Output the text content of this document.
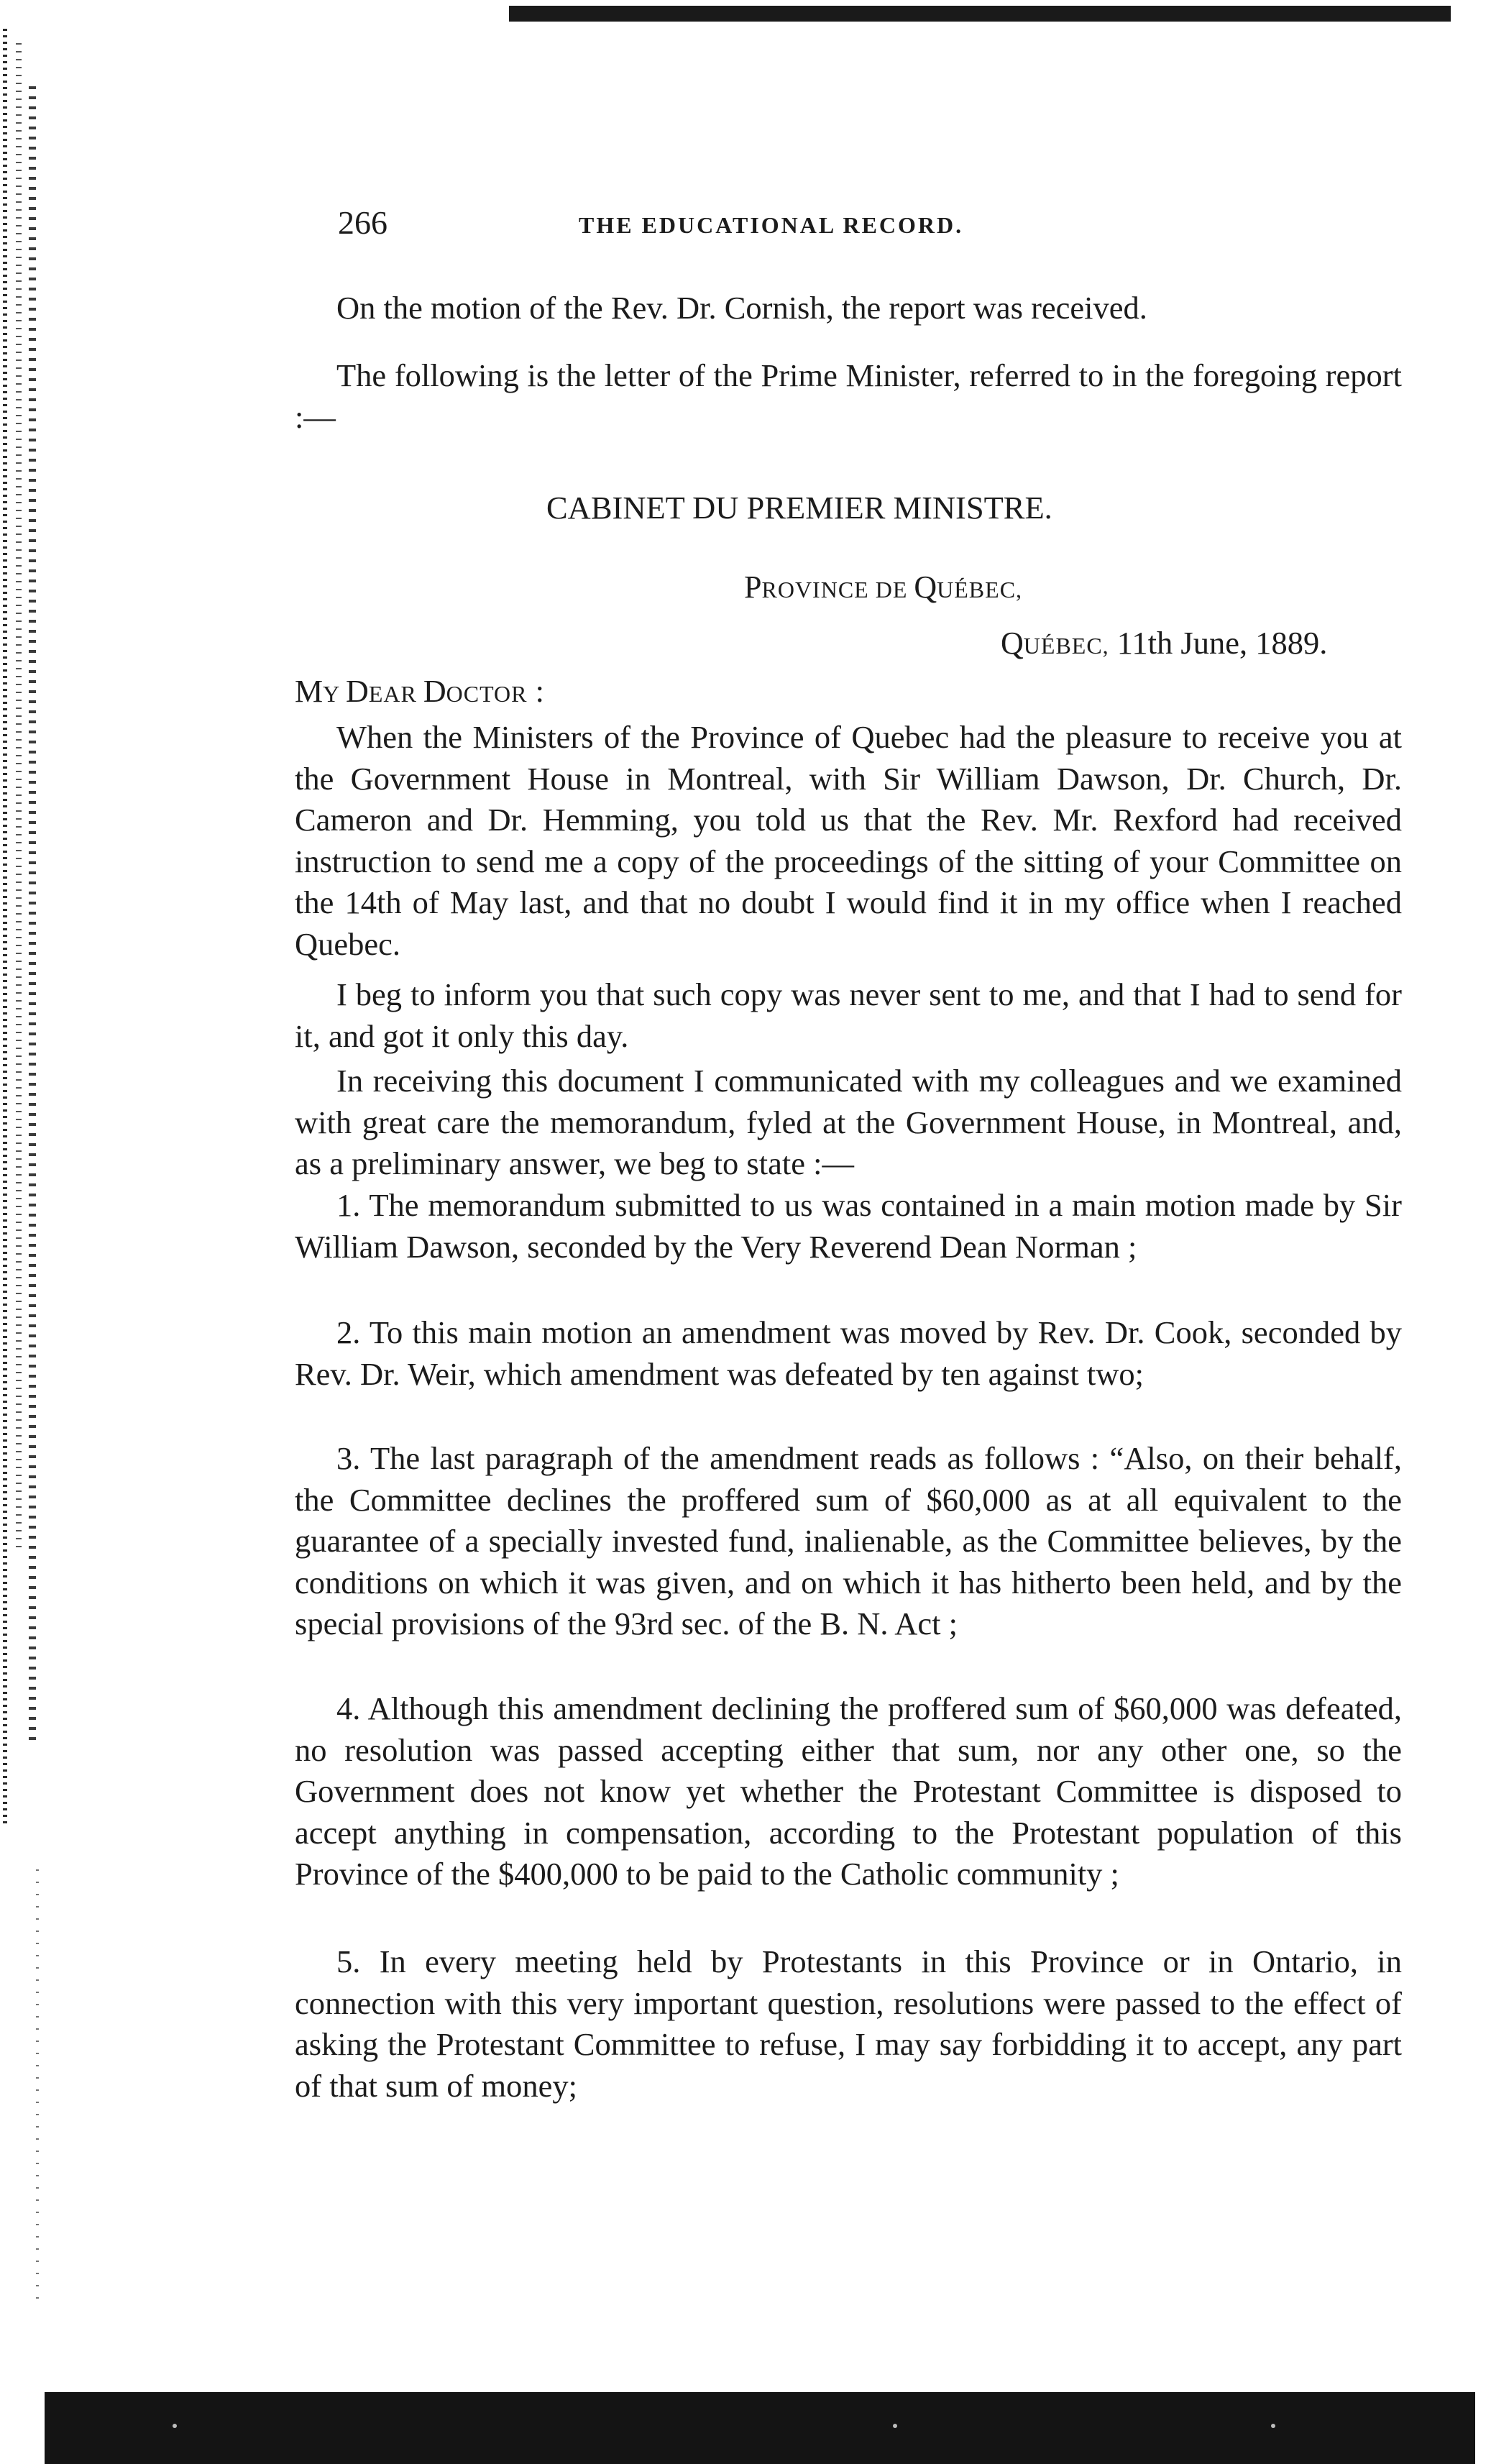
266	THE EDUCATIONAL RECORD.
On the motion of the Rev. Dr. Cornish, the report was received.
The following is the letter of the Prime Minister, referred to in the foregoing report :—
CABINET DU PREMIER MINISTRE.
PROVINCE DE QUÉBEC,
QUÉBEC, 11th June, 1889.
MY DEAR DOCTOR :
When the Ministers of the Province of Quebec had the pleasure to receive you at the Government House in Montreal, with Sir William Dawson, Dr. Church, Dr. Cameron and Dr. Hemming, you told us that the Rev. Mr. Rexford had received instruction to send me a copy of the proceedings of the sitting of your Committee on the 14th of May last, and that no doubt I would find it in my office when I reached Quebec.
I beg to inform you that such copy was never sent to me, and that I had to send for it, and got it only this day.
In receiving this document I communicated with my colleagues and we examined with great care the memorandum, fyled at the Government House, in Montreal, and, as a preliminary answer, we beg to state :—
1. The memorandum submitted to us was contained in a main motion made by Sir William Dawson, seconded by the Very Reverend Dean Norman ;
2. To this main motion an amendment was moved by Rev. Dr. Cook, seconded by Rev. Dr. Weir, which amendment was defeated by ten against two;
3. The last paragraph of the amendment reads as follows : “Also, on their behalf, the Committee declines the proffered sum of $60,000 as at all equivalent to the guarantee of a specially invested fund, inalienable, as the Committee believes, by the conditions on which it was given, and on which it has hitherto been held, and by the special provisions of the 93rd sec. of the B. N. Act ;
4. Although this amendment declining the proffered sum of $60,000 was defeated, no resolution was passed accepting either that sum, nor any other one, so the Government does not know yet whether the Protestant Committee is disposed to accept anything in compensation, according to the Protestant population of this Province of the $400,000 to be paid to the Catholic community ;
5. In every meeting held by Protestants in this Province or in Ontario, in connection with this very important question, resolutions were passed to the effect of asking the Protestant Committee to refuse, I may say forbidding it to accept, any part of that sum of money;
